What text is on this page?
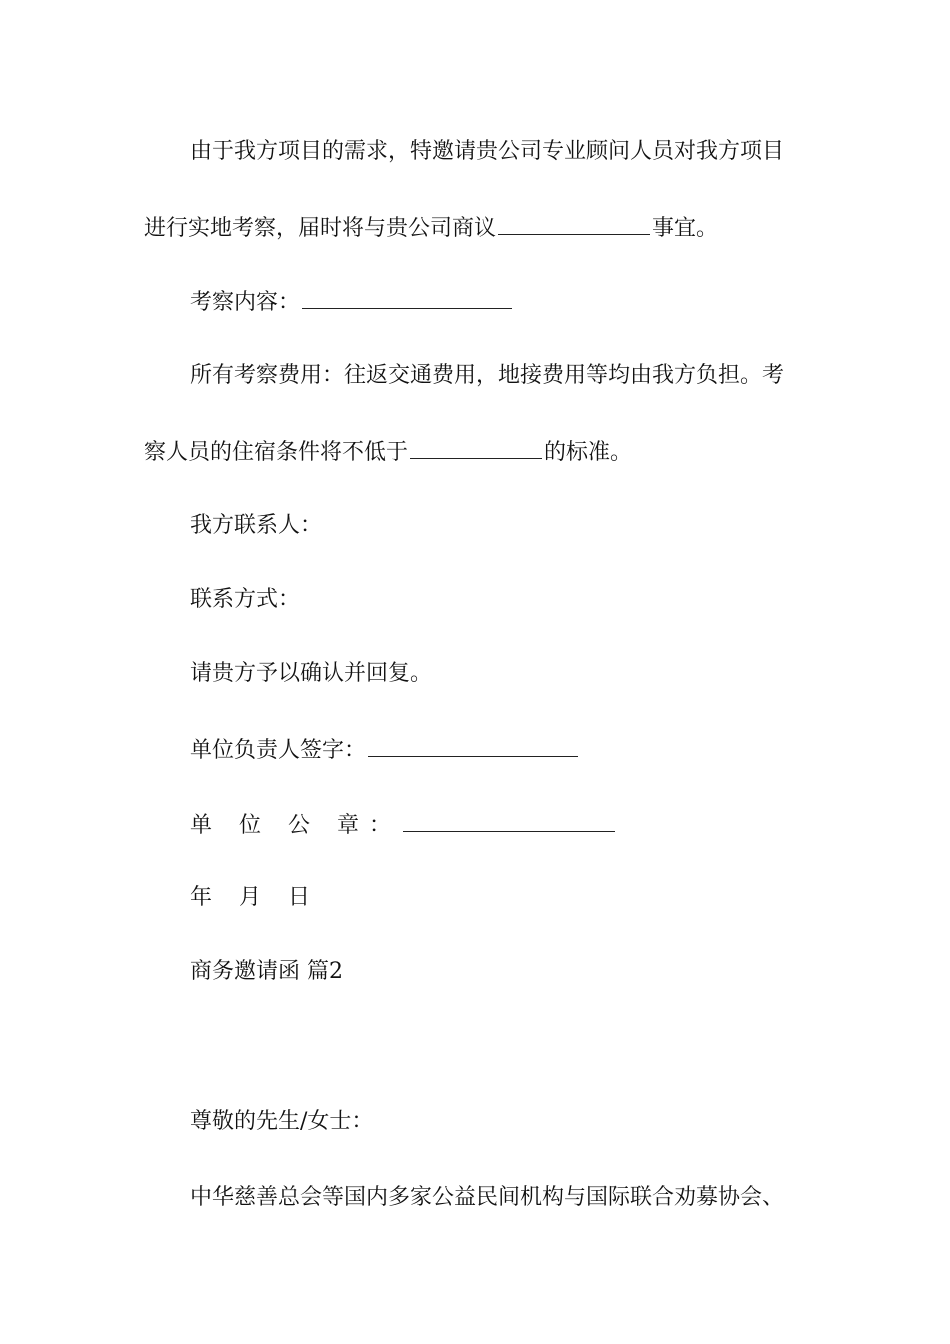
由于我方项目的需求，特邀请贵公司专业顾问人员对我方项目
进行实地考察，届时将与贵公司商议	事宜。
考察内容：
所有考察费用：往返交通费用，地接费用等均由我方负担。考
察人员的住宿条件将不低于	的标准。
我方联系人：
联系方式：
请贵方予以确认并回复。
单位负责人签字：
单 位 公 章：
年 月 日
商务邀请函 篇2
尊敬的先生/女士：
中华慈善总会等国内多家公益民间机构与国际联合劝募协会、
